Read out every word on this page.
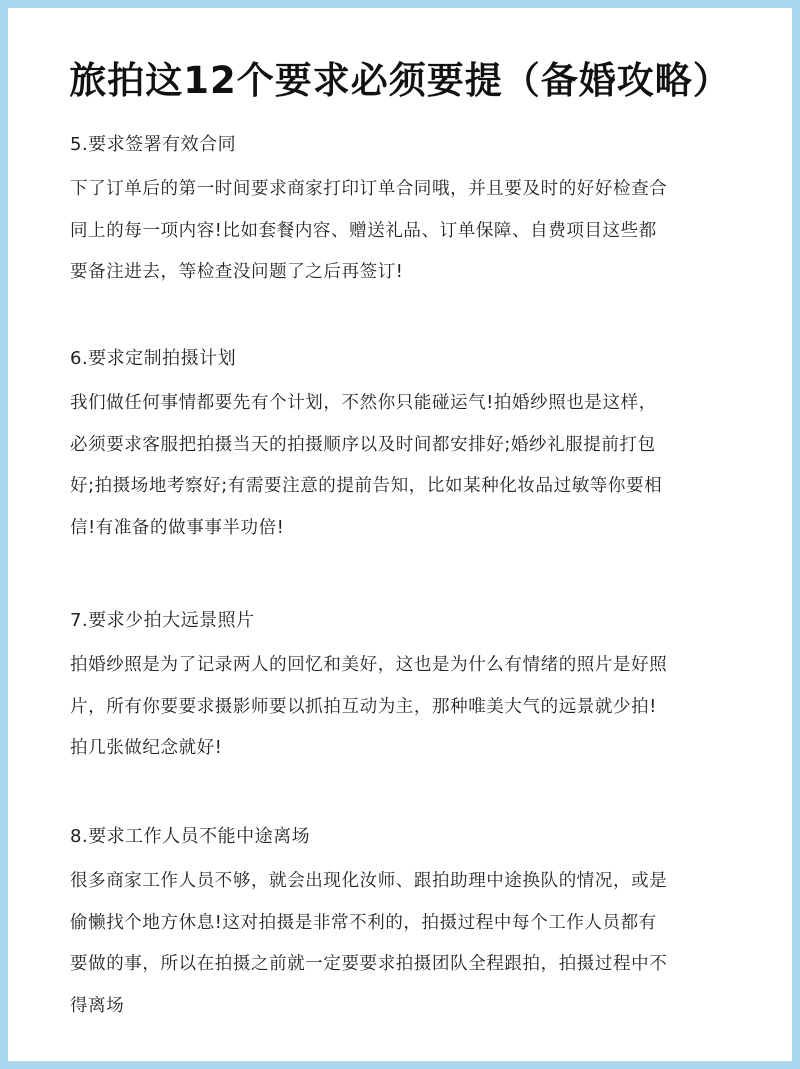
旅拍这12个要求必须要提（备婚攻略）
5.要求签署有效合同
下了订单后的第一时间要求商家打印订单合同哦，并且要及时的好好检查合
同上的每一项内容!比如套餐内容、赠送礼品、订单保障、自费项目这些都
要备注进去，等检查没问题了之后再签订!
6.要求定制拍摄计划
我们做任何事情都要先有个计划，不然你只能碰运气!拍婚纱照也是这样，
必须要求客服把拍摄当天的拍摄顺序以及时间都安排好;婚纱礼服提前打包
好;拍摄场地考察好;有需要注意的提前告知，比如某种化妆品过敏等你要相
信!有准备的做事事半功倍!
7.要求少拍大远景照片
拍婚纱照是为了记录两人的回忆和美好，这也是为什么有情绪的照片是好照
片，所有你要要求摄影师要以抓拍互动为主，那种唯美大气的远景就少拍!
拍几张做纪念就好!
8.要求工作人员不能中途离场
很多商家工作人员不够，就会出现化汝师、跟拍助理中途换队的情况，或是
偷懒找个地方休息!这对拍摄是非常不利的，拍摄过程中每个工作人员都有
要做的事，所以在拍摄之前就一定要要求拍摄团队全程跟拍，拍摄过程中不
得离场
